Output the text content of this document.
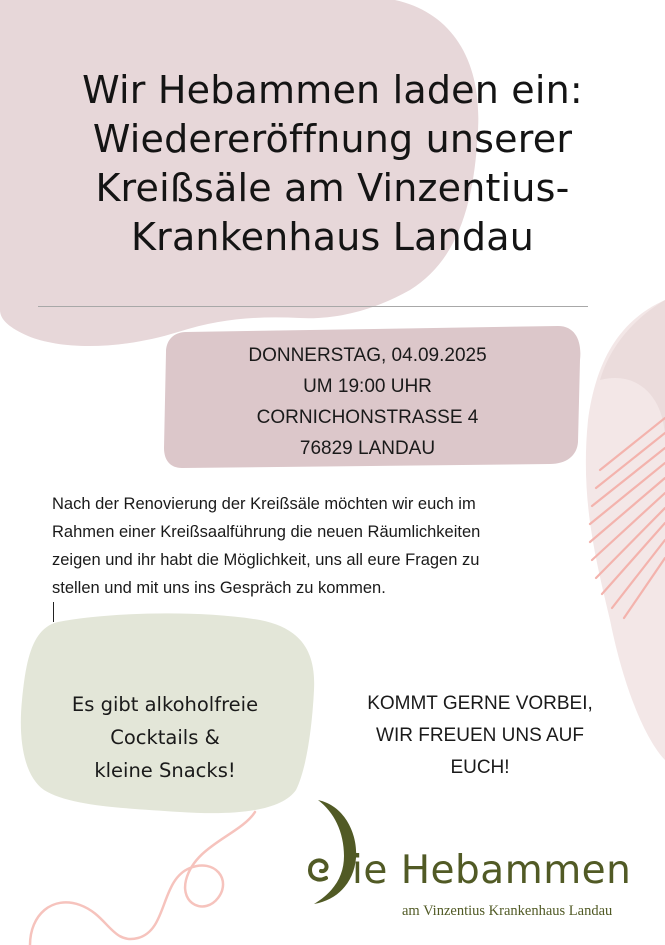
Wir Hebammen laden ein:
Wiedereröffnung unserer
Kreißsäle am Vinzentius-
Krankenhaus Landau
DONNERSTAG, 04.09.2025
UM 19:00 UHR
CORNICHONSTRASSE 4
76829 LANDAU
Nach der Renovierung der Kreißsäle möchten wir euch im
Rahmen einer Kreißsaalführung die neuen Räumlichkeiten
zeigen und ihr habt die Möglichkeit, uns all eure Fragen zu
stellen und mit uns ins Gespräch zu kommen.
Es gibt alkoholfreie
Cocktails &
kleine Snacks!
KOMMT GERNE VORBEI,
WIR FREUEN UNS AUF
EUCH!
ie Hebammen
am Vinzentius Krankenhaus Landau
